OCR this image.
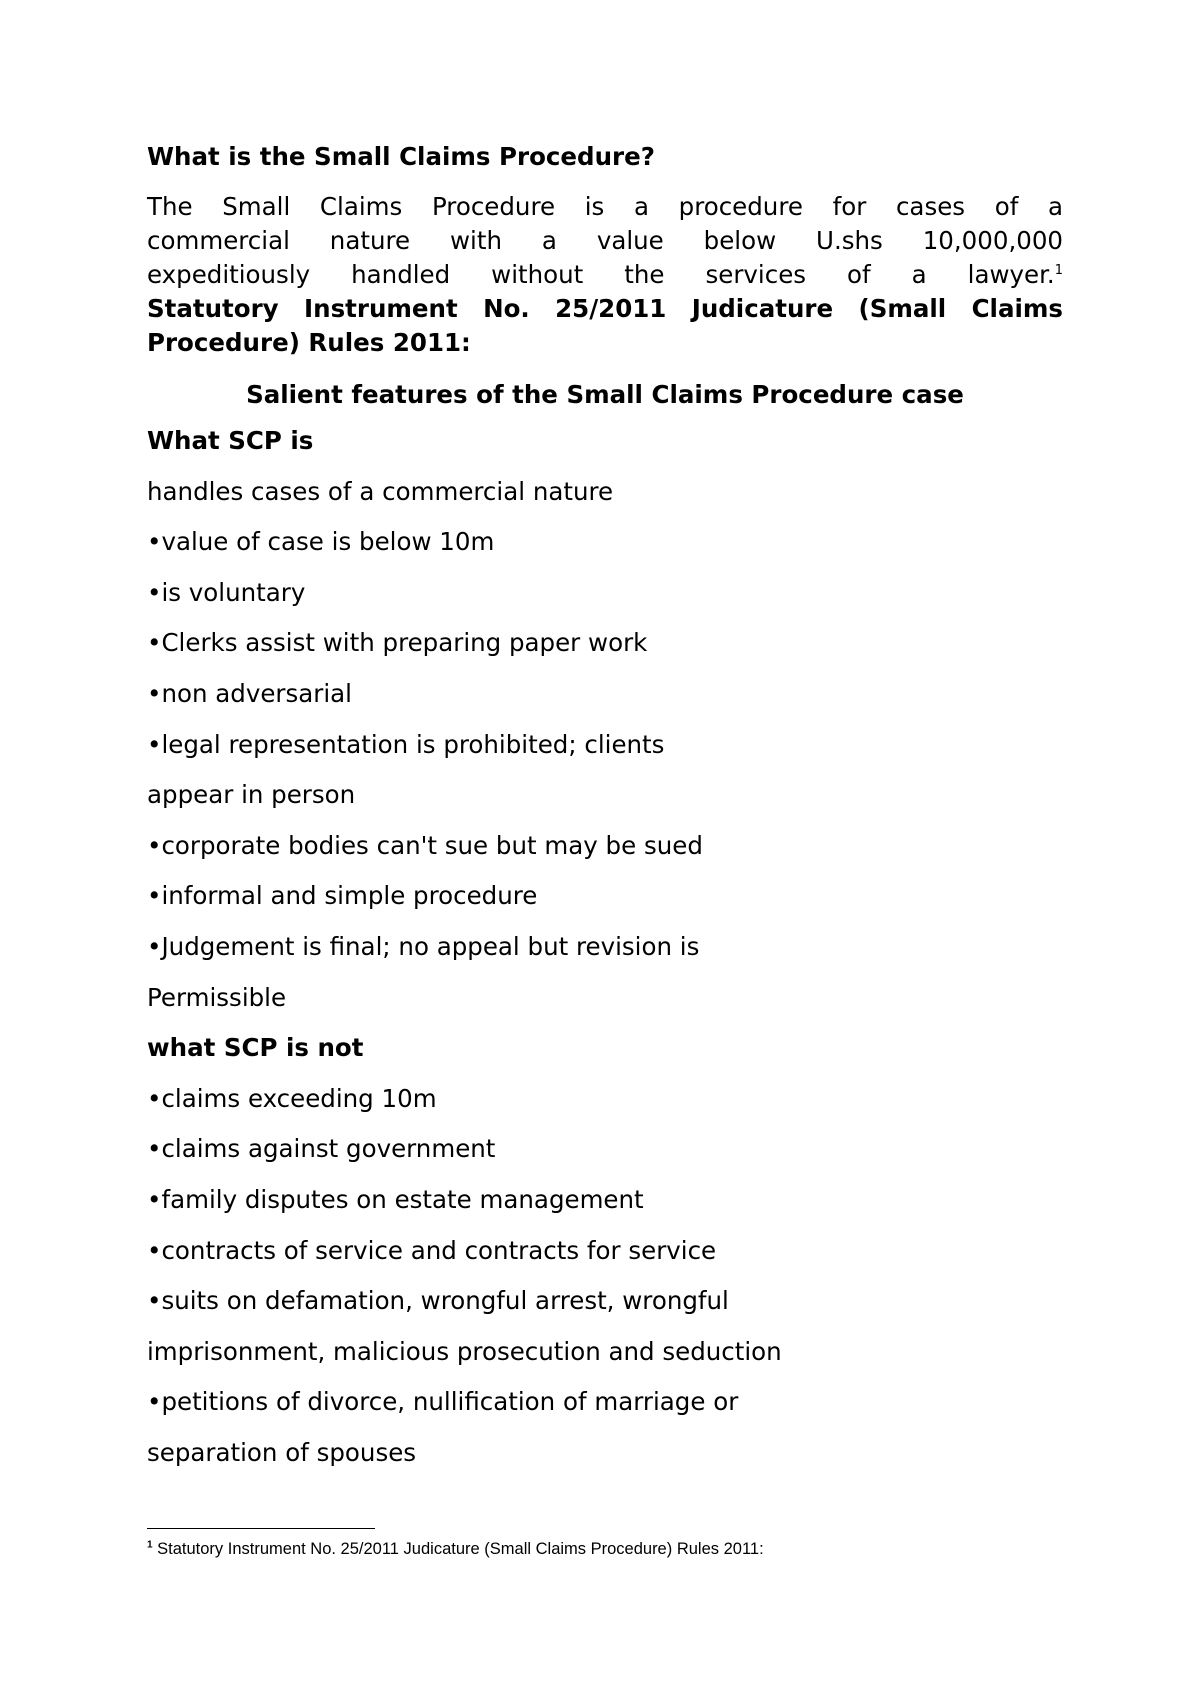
What is the Small Claims Procedure?
The Small Claims Procedure is a procedure for cases of a
commercial nature with a value below U.shs 10,000,000
expeditiously handled without the services of a lawyer.$^1$
Statutory Instrument No. 25/2011 Judicature (Small Claims
Procedure) Rules 2011:
Salient features of the Small Claims Procedure case
What SCP is
handles cases of a commercial nature
•value of case is below 10m
•is voluntary
•Clerks assist with preparing paper work
•non adversarial
•legal representation is prohibited; clients
appear in person
•corporate bodies can't sue but may be sued
•informal and simple procedure
•Judgement is final; no appeal but revision is
Permissible
what SCP is not
•claims exceeding 10m
•claims against government
•family disputes on estate management
•contracts of service and contracts for service
•suits on defamation, wrongful arrest, wrongful
imprisonment, malicious prosecution and seduction
•petitions of divorce, nullification of marriage or
separation of spouses
$^1$ Statutory Instrument No. 25/2011 Judicature (Small Claims Procedure) Rules 2011:
